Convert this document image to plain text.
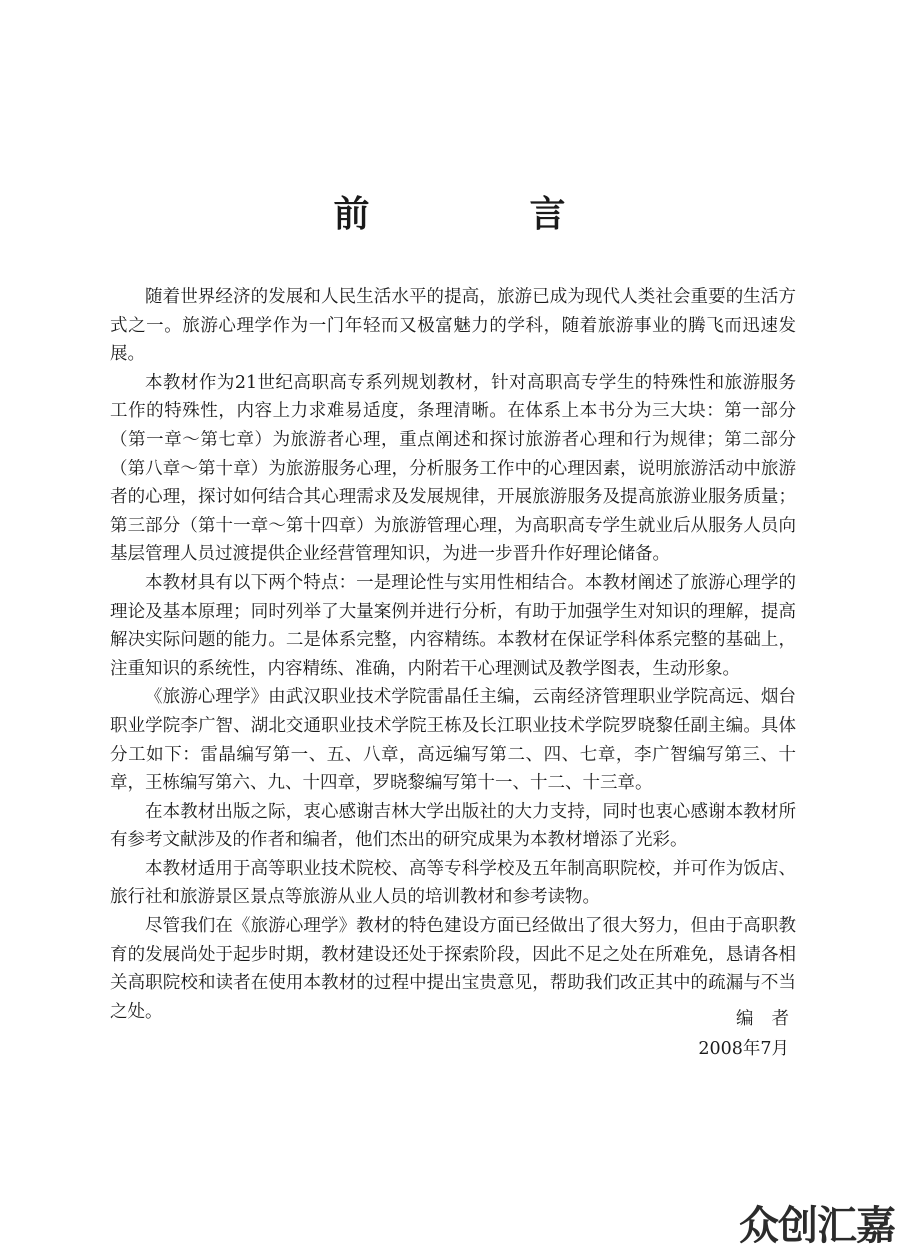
前　言

随着世界经济的发展和人民生活水平的提高，旅游已成为现代人类社会重要的生活方式之一。旅游心理学作为一门年轻而又极富魅力的学科，随着旅游事业的腾飞而迅速发展。

本教材作为21世纪高职高专系列规划教材，针对高职高专学生的特殊性和旅游服务工作的特殊性，内容上力求难易适度，条理清晰。在体系上本书分为三大块：第一部分（第一章～第七章）为旅游者心理，重点阐述和探讨旅游者心理和行为规律；第二部分（第八章～第十章）为旅游服务心理，分析服务工作中的心理因素，说明旅游活动中旅游者的心理，探讨如何结合其心理需求及发展规律，开展旅游服务及提高旅游业服务质量；第三部分（第十一章～第十四章）为旅游管理心理，为高职高专学生就业后从服务人员向基层管理人员过渡提供企业经营管理知识，为进一步晋升作好理论储备。

本教材具有以下两个特点：一是理论性与实用性相结合。本教材阐述了旅游心理学的理论及基本原理；同时列举了大量案例并进行分析，有助于加强学生对知识的理解，提高解决实际问题的能力。二是体系完整，内容精练。本教材在保证学科体系完整的基础上，注重知识的系统性，内容精练、准确，内附若干心理测试及教学图表，生动形象。

《旅游心理学》由武汉职业技术学院雷晶任主编，云南经济管理职业学院高远、烟台职业学院李广智、湖北交通职业技术学院王栋及长江职业技术学院罗晓黎任副主编。具体分工如下：雷晶编写第一、五、八章，高远编写第二、四、七章，李广智编写第三、十章，王栋编写第六、九、十四章，罗晓黎编写第十一、十二、十三章。

在本教材出版之际，衷心感谢吉林大学出版社的大力支持，同时也衷心感谢本教材所有参考文献涉及的作者和编者，他们杰出的研究成果为本教材增添了光彩。

本教材适用于高等职业技术院校、高等专科学校及五年制高职院校，并可作为饭店、旅行社和旅游景区景点等旅游从业人员的培训教材和参考读物。

尽管我们在《旅游心理学》教材的特色建设方面已经做出了很大努力，但由于高职教育的发展尚处于起步时期，教材建设还处于探索阶段，因此不足之处在所难免，恳请各相关高职院校和读者在使用本教材的过程中提出宝贵意见，帮助我们改正其中的疏漏与不当之处。	编者
2008年7月
众创汇嘉
